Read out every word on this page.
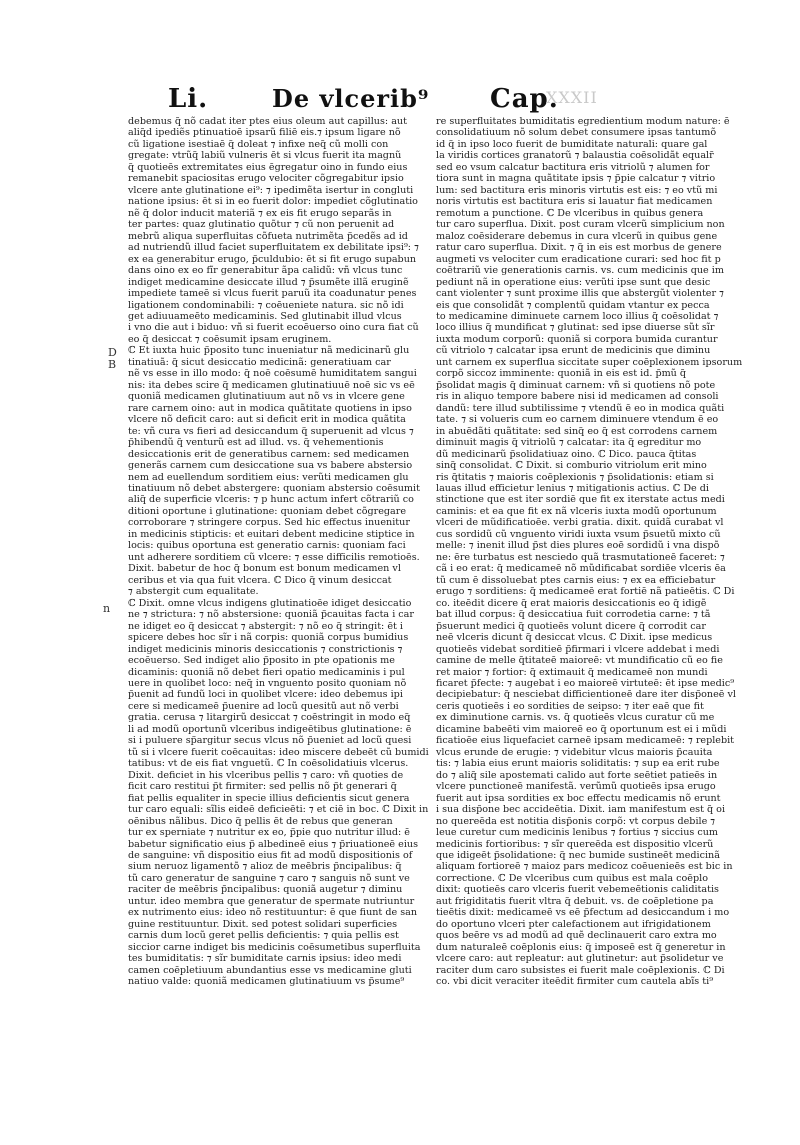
Li.	De vlcerib⁹ Cap.
XXXII
D
B
n
debemus q̃ nõ cadat iter ptes eius oleum aut capillus: aut
aliq̃d ipediẽs ptinuatioē ipsarũ filiē eis.⁊ ipsum ligare nõ
cũ ligatione isestiaē q̃ doleat ⁊ infixe neq̃ cũ molli con
gregate: vtrũq̃ labiũ vulneris ēt si vlcus fuerit ita magnũ
q̃ quotieēs extremitates eius ēgregatur oino in fundo eius
remanebit spaciositas erugo velociter cõgregabitur ipsio
vlcere ante glutinatione ei⁹: ⁊ ipedimẽta isertur in congluti
natione ipsius: ēt si in eo fuerit dolor: impediet cõglutinatio
nẽ q̃ dolor inducit materiã ⁊ ex eis fit erugo separãs in
ter partes: quaz glutinatio quõtur ⁊ cũ non peruenit ad
mebrũ aliqua superfluitas cõfueta nutrimẽta p̃cedẽs ad id
ad nutriendũ illud faciet superfluitatem ex debilitate ipsi⁹: ⁊
ex ea generabitur erugo, p̃culdubio: ēt si fit erugo supabun
dans oino ex eo fĩr generabitur ãpa calidũ: vñ vlcus tunc
indiget medicamine desiccate illud ⁊ p̃sumẽte illã eruginẽ
impediete tameē si vlcus fuerit paruũ ita coadunatur penes
ligationem condominabili: ⁊ coēueniete natura. sic nõ idi
get adiuuameēto medicaminis. Sed glutinabit illud vlcus
i vno die aut i biduo: vñ si fuerit ecoēuerso oino cura fiat cũ
eo q̃ desiccat ⁊ coēsumit ipsam eruginem.
ℂ Et iuxta huic p̃posito tunc inueniatur nã medicinarũ glu
tinatiuã: q̃ sicut desiccatio medicinã: generatiuam car
nẽ vs esse in illo modo: q̃ noē coēsumē humiditatem sangui
nis: ita debes scire q̃ medicamen glutinatiuuē noē sic vs eē
quoniã medicamen glutinatiuum aut nõ vs in vlcere gene
rare carnem oino: aut in modica quãtitate quotiens in ipso
vlcere nõ deficit caro: aut si deficit erit in modica quãtita
te: vñ cura vs fieri ad desiccandum q̃ superuenit ad vlcus ⁊
p̃hibendũ q̃ venturũ est ad illud. vs. q̃ vehementionis
desiccationis erit de generatibus carnem: sed medicamen
generãs carnem cum desiccatione sua vs babere abstersio
nem ad euellendum sorditiem eius: verũti medicamen glu
tinatiuum nõ debet abstergere: quoniam abstersio coēsumit
aliq̃ de superficie vlceris: ⁊ p hunc actum infert cõtrariũ co
ditioni oportune i glutinatione: quoniam debet cõgregare
corroborare ⁊ stringere corpus. Sed hic effectus inuenitur
in medicinis stipticis: et euitari debent medicine stiptice in
locis: quibus oportuna est generatio carnis: quoniam faci
unt adherere sorditiem cũ vlcere: ⁊ esse difficilis remotioēs.
Dixit. babetur de hoc q̃ bonum est bonum medicamen vl
ceribus et via qua fuit vlcera. ℂ Dico q̃ vinum desiccat
⁊ abstergit cum equalitate.
ℂ Dixit. omne vlcus indigens glutinatioēe idiget desiccatio
ne ⁊ strictura: ⁊ nõ abstersione: quoniã p̃cauitas facta i car
ne idiget eo q̃ desiccat ⁊ abstergit: ⁊ nõ eo q̃ stringit: ēt i
spicere debes hoc sĩr i nã corpis: quoniã corpus bumidius
indiget medicinis minoris desiccationis ⁊ constrictionis ⁊
ecoēuerso. Sed indiget alio p̃posito in pte opationis me
dicaminis: quoniã nõ debet fieri opatio medicaminis i pul
uere in quolibet loco: neq̃ in vnguento posito quoniam nõ
p̃uenit ad fundũ loci in quolibet vlcere: ideo debemus ipi
cere si medicameē p̃uenire ad locũ quesitũ aut nõ verbi
gratia. cerusa ⁊ litargirũ desiccat ⁊ coēstringit in modo eq̃
li ad modũ oportunũ vlceribus indigeētibus glutinatione: ē
si i puluere sp̃argitur secus vlcus nõ p̃ueniet ad locũ quesi
tũ si i vlcere fuerit coēcauitas: ideo miscere debeēt cũ bumidi
tatibus: vt de eis fiat vnguetũ. ℂ In coēsolidatiuis vlcerus.
Dixit. deficiet in his vlceribus pellis ⁊ caro: vñ quoties de
ficit caro restitui p̃t firmiter: sed pellis nõ p̃t generari q̃
fiat pellis equaliter in specie illius deficientis sicut genera
tur caro equali: sĩlis eideē deficieēti: ⁊ et ciē in boc. ℂ Dixit in
oēnibus nãlibus. Dico q̃ pellis ēt de rebus que generan
tur ex sperniate ⁊ nutritur ex eo, p̃pie quo nutritur illud: ē
babetur significatio eius p̃ albedineē eius ⁊ p̃riuationeē eius
de sanguine: vñ dispositio eius fit ad modũ dispositionis of
sium neruoz ligamentõ ⁊ alioz de meēbris p̃ncipalibus: q̃
tũ caro generatur de sanguine ⁊ caro ⁊ sanguis nõ sunt ve
raciter de meēbris p̃ncipalibus: quoniã augetur ⁊ diminu
untur. ideo membra que generatur de spermate nutriuntur
ex nutrimento eius: ideo nõ restituuntur: ē que fiunt de san
guine restituuntur. Dixit. sed potest solidari superficies
carnis dum locũ geret pellis deficientis: ⁊ quia pellis est
siccior carne indiget bis medicinis coēsumetibus superfluita
tes bumiditatis: ⁊ sĩr bumiditate carnis ipsius: ideo medi
camen coēpletiuum abundantius esse vs medicamine gluti
natiuo valde: quoniã medicamen glutinatiuum vs p̃sume⁹
re superfluitates bumiditatis egredientium modum nature: ē
consolidatiuum nõ solum debet consumere ipsas tantumõ
id q̃ in ipso loco fuerit de bumiditate naturali: quare gal
la viridis cortices granatorũ ⁊ balaustia coēsolidãt equalr̃
sed eo vsum calcatur bactitura eris vitriolũ ⁊ alumen for
tiora sunt in magna quãtitate ipsis ⁊ p̃pie calcatur ⁊ vitrio
lum: sed bactitura eris minoris virtutis est eis: ⁊ eo vtũ mi
noris virtutis est bactitura eris si lauatur fiat medicamen
remotum a punctione. ℂ De vlceribus in quibus genera
tur caro superflua. Dixit. post curam vlcerũ simplicium non
maloz coēsiderare debemus in cura vlcerũ in quibus gene
ratur caro superflua. Dixit. ⁊ q̃ in eis est morbus de genere
augmeti vs velociter cum eradicatione curari: sed hoc fit p
coētrariũ vie generationis carnis. vs. cum medicinis que im
pediunt nã in operatione eius: verũti ipse sunt que desic
cant violenter ⁊ sunt proxime illis que abstergũt violenter ⁊
eis que consolidãt ⁊ complentũ quidam vtantur ex pecca
to medicamine diminuete carnem loco illius q̃ coēsolidat ⁊
loco illius q̃ mundificat ⁊ glutinat: sed ipse diuerse sũt sĩr
iuxta modum corporũ: quoniã si corpora bumida curantur
cũ vitriolo ⁊ calcatar ipsa erunt de medicinis que diminu
unt carnem ex superflua siccitate super coēplexionem ipsorum
corpõ siccoz imminente: quoniã in eis est id. p̃mũ q̃
p̃solidat magis q̃ diminuat carnem: vñ si quotiens nõ pote
ris in aliquo tempore babere nisi id medicamen ad consoli
dandũ: tere illud subtilissime ⁊ vtendũ ē eo in modica quãti
tate. ⁊ si volueris cum eo carnem diminuere vtendum ē eo
in abuēdãti quãtitate: sed sinq̃ eo q̃ est corrodens carnem
diminuit magis q̃ vitriolũ ⁊ calcatar: ita q̃ egreditur mo
dũ medicinarũ p̃solidatiuaz oino. ℂ Dico. pauca q̃titas
sinq̃ consolidat. ℂ Dixit. si comburio vitriolum erit mino
ris q̃titatis ⁊ maioris coēplexionis ⁊ p̃solidationis: etiam si
lauas illud efficietur lenius ⁊ mitigationis actius. ℂ De di
stinctione que est iter sordiē que fit ex iterstate actus medi
caminis: et ea que fit ex nã vlceris iuxta modũ oportunum
vlceri de mũdificatioēe. verbi gratia. dixit. quidã curabat vl
cus sordidũ cũ vnguento viridi iuxta vsum p̃suetũ mixto cũ
melle: ⁊ inenit illud p̃st dies plures eoē sordidũ i vna dispõ
ne: ēre turbatus est nesciedo quã trasmutationeē faceret: ⁊
cã i eo erat: q̃ medicameē nõ mũdificabat sordiēe vlceris ēa
tũ cum ē dissoluebat ptes carnis eius: ⁊ ex ea efficiebatur
erugo ⁊ sorditiens: q̃ medicameē erat fortiē nã patieētis. ℂ Di
co. iteēdit dicere q̃ erat maioris desiccationis eo q̃ idigẽ
bat illud corpus: q̃ desiccatiua fuit corrodetia carne: ⁊ tã
p̃suerunt medici q̃ quotieēs volunt dicere q̃ corrodit car
neē vlceris dicunt q̃ desiccat vlcus. ℂ Dixit. ipse medicus
quotieēs videbat sorditieē p̃firmari i vlcere addebat i medi
camine de melle q̃titateē maioreē: vt mundificatio cũ eo fie
ret maior ⁊ fortior: q̃ extimauit q̃ medicameē non mundi
ficaret p̃fecte: ⁊ augebat i eo maioreē virtuteē: ēt ipse medic⁹
decipiebatur: q̃ nesciebat difficientioneē dare iter disp̃oneē vl
ceris quotieēs i eo sordities de seipso: ⁊ iter eaē que fit
ex diminutione carnis. vs. q̃ quotieēs vlcus curatur cũ me
dicamine babeēti vim maioreē eo q̃ oportunum est ei i mũdi
ficatioēe eius liquefaciet carneē ipsam medicameē: ⁊ replebit
vlcus erunde de erugie: ⁊ videbitur vlcus maioris p̃cauita
tis: ⁊ labia eius erunt maioris soliditatis: ⁊ sup ea erit rube
do ⁊ aliq̃ sile apostemati calido aut forte seētiet patieēs in
vlcere punctioneē manifestã. verũmũ quotieēs ipsa erugo
fuerit aut ipsa sordities ex boc effectu medicamis nõ erunt
i sua disp̃one bec accideētia. Dixit. iam manifestum est q̃ oi
no quereēda est notitia disp̃onis corpõ: vt corpus debile ⁊
leue curetur cum medicinis lenibus ⁊ fortius ⁊ siccius cum
medicinis fortioribus: ⁊ sĩr quereēda est dispositio vlcerũ
que idigeēt p̃solidatione: q̃ nec bumide sustineēt medicinã
aliquam fortioreē ⁊ maioz pars medicoz coēuenieēs est bic in
correctione. ℂ De vlceribus cum quibus est mala coēplo
dixit: quotieēs caro vlceris fuerit vebemeētionis caliditatis
aut frigiditatis fuerit vltra q̃ debuit. vs. de coēpletione pa
tieētis dixit: medicameē vs eē p̃fectum ad desiccandum i mo
do oportuno vlceri pter calefactionem aut ifrigidationem
quos beēre vs ad modũ ad quẽ declinauerit caro extra mo
dum naturaleē coēplonis eius: q̃ imposeē est q̃ generetur in
vlcere caro: aut repleatur: aut glutinetur: aut p̃solidetur ve
raciter dum caro subsistes ei fuerit male coēplexionis. ℂ Di
co. vbi dicit veraciter iteēdit firmiter cum cautela abĩs ti⁹
